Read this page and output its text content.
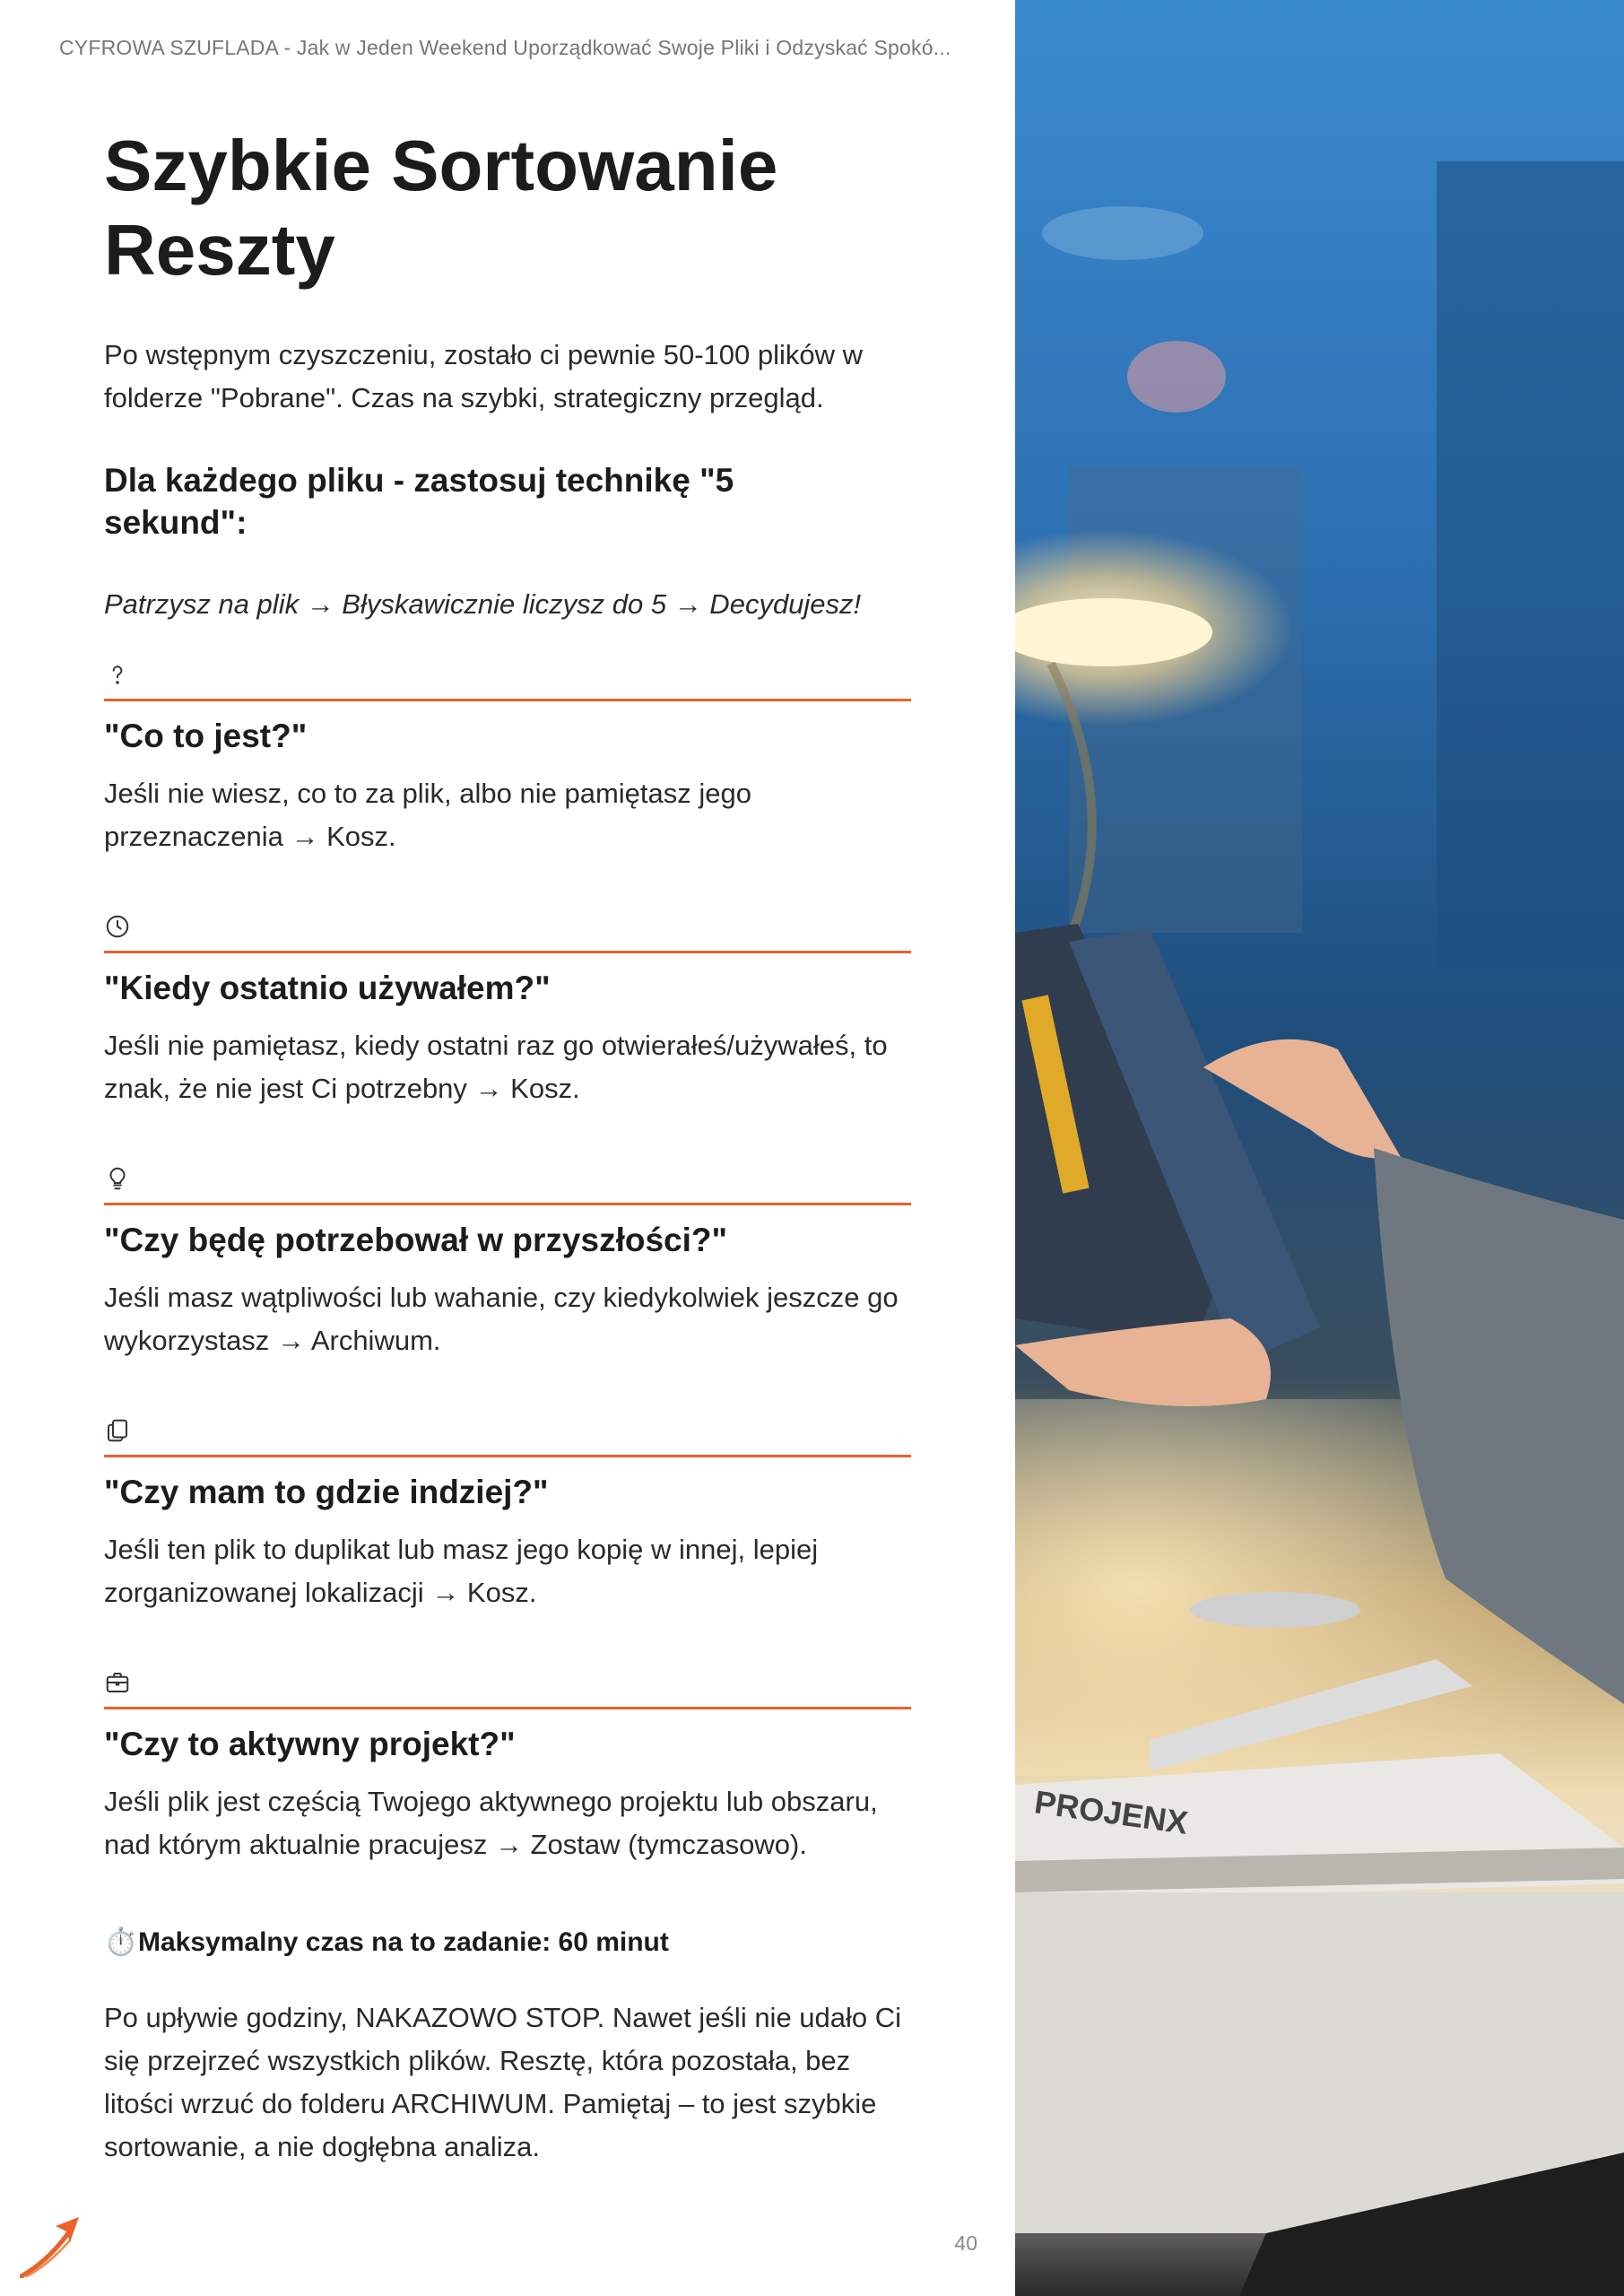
CYFROWA SZUFLADA - Jak w Jeden Weekend Uporządkować Swoje Pliki i Odzyskać Spokó...
Szybkie Sortowanie Reszty

Po wstępnym czyszczeniu, zostało ci pewnie 50-100 plików w folderze "Pobrane". Czas na szybki, strategiczny przegląd.

Dla każdego pliku - zastosuj technikę "5 sekund":

Patrzysz na plik → Błyskawicznie liczysz do 5 → Decydujesz!

"Co to jest?"

Jeśli nie wiesz, co to za plik, albo nie pamiętasz jego przeznaczenia → Kosz.

"Kiedy ostatnio używałem?"

Jeśli nie pamiętasz, kiedy ostatni raz go otwierałeś/używałeś, to znak, że nie jest Ci potrzebny → Kosz.

"Czy będę potrzebował w przyszłości?"

Jeśli masz wątpliwości lub wahanie, czy kiedykolwiek jeszcze go wykorzystasz → Archiwum.

"Czy mam to gdzie indziej?"

Jeśli ten plik to duplikat lub masz jego kopię w innej, lepiej zorganizowanej lokalizacji → Kosz.

"Czy to aktywny projekt?"

Jeśli plik jest częścią Twojego aktywnego projektu lub obszaru, nad którym aktualnie pracujesz → Zostaw (tymczasowo).

⏱️Maksymalny czas na to zadanie: 60 minut

Po upływie godziny, NAKAZOWO STOP. Nawet jeśli nie udało Ci się przejrzeć wszystkich plików. Resztę, która pozostała, bez litości wrzuć do folderu ARCHIWUM. Pamiętaj – to jest szybkie sortowanie, a nie dogłębna analiza.

40
PROJENX
